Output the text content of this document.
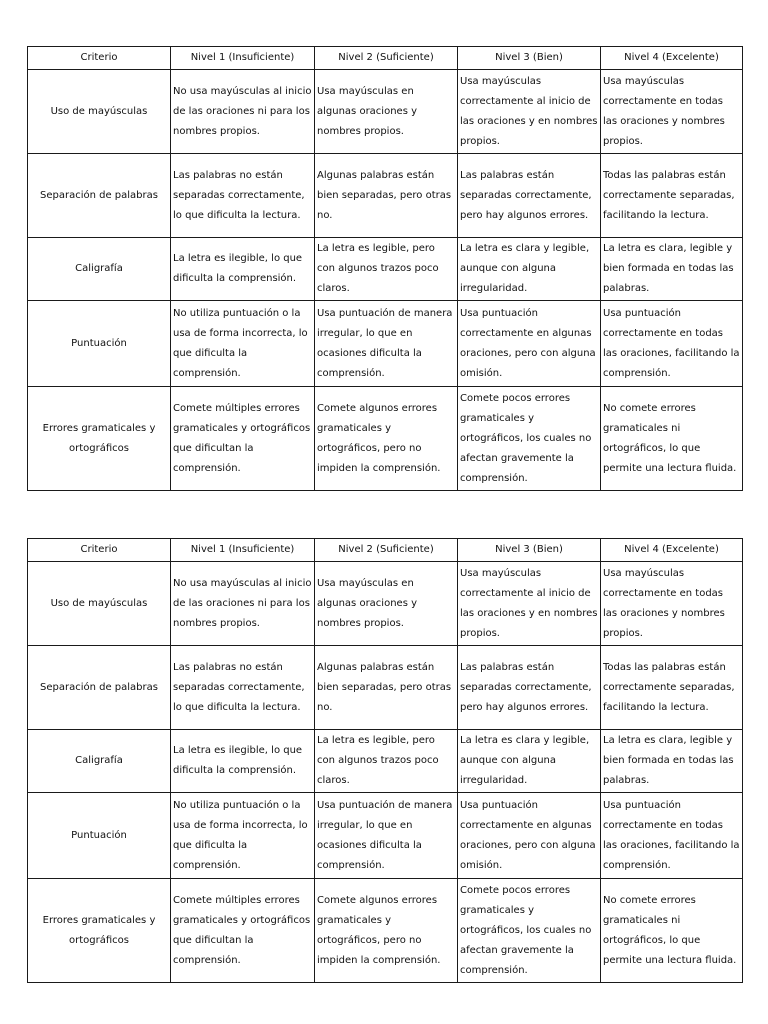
Criterio	Nivel 1 (Insuficiente)	Nivel 2 (Suficiente)	Nivel 3 (Bien)	Nivel 4 (Excelente)
Uso de mayúsculas	No usa mayúsculas al inicio de las oraciones ni para los nombres propios.	Usa mayúsculas en algunas oraciones y nombres propios.	Usa mayúsculas correctamente al inicio de las oraciones y en nombres propios.	Usa mayúsculas correctamente en todas las oraciones y nombres propios.
Separación de palabras	Las palabras no están separadas correctamente, lo que dificulta la lectura.	Algunas palabras están bien separadas, pero otras no.	Las palabras están separadas correctamente, pero hay algunos errores.	Todas las palabras están correctamente separadas, facilitando la lectura.
Caligrafía	La letra es ilegible, lo que dificulta la comprensión.	La letra es legible, pero con algunos trazos poco claros.	La letra es clara y legible, aunque con alguna irregularidad.	La letra es clara, legible y bien formada en todas las palabras.
Puntuación	No utiliza puntuación o la usa de forma incorrecta, lo que dificulta la comprensión.	Usa puntuación de manera irregular, lo que en ocasiones dificulta la comprensión.	Usa puntuación correctamente en algunas oraciones, pero con alguna omisión.	Usa puntuación correctamente en todas las oraciones, facilitando la comprensión.
Errores gramaticales y ortográficos	Comete múltiples errores gramaticales y ortográficos que dificultan la comprensión.	Comete algunos errores gramaticales y ortográficos, pero no impiden la comprensión.	Comete pocos errores gramaticales y ortográficos, los cuales no afectan gravemente la comprensión.	No comete errores gramaticales ni ortográficos, lo que permite una lectura fluida.
Criterio	Nivel 1 (Insuficiente)	Nivel 2 (Suficiente)	Nivel 3 (Bien)	Nivel 4 (Excelente)
Uso de mayúsculas	No usa mayúsculas al inicio de las oraciones ni para los nombres propios.	Usa mayúsculas en algunas oraciones y nombres propios.	Usa mayúsculas correctamente al inicio de las oraciones y en nombres propios.	Usa mayúsculas correctamente en todas las oraciones y nombres propios.
Separación de palabras	Las palabras no están separadas correctamente, lo que dificulta la lectura.	Algunas palabras están bien separadas, pero otras no.	Las palabras están separadas correctamente, pero hay algunos errores.	Todas las palabras están correctamente separadas, facilitando la lectura.
Caligrafía	La letra es ilegible, lo que dificulta la comprensión.	La letra es legible, pero con algunos trazos poco claros.	La letra es clara y legible, aunque con alguna irregularidad.	La letra es clara, legible y bien formada en todas las palabras.
Puntuación	No utiliza puntuación o la usa de forma incorrecta, lo que dificulta la comprensión.	Usa puntuación de manera irregular, lo que en ocasiones dificulta la comprensión.	Usa puntuación correctamente en algunas oraciones, pero con alguna omisión.	Usa puntuación correctamente en todas las oraciones, facilitando la comprensión.
Errores gramaticales y ortográficos	Comete múltiples errores gramaticales y ortográficos que dificultan la comprensión.	Comete algunos errores gramaticales y ortográficos, pero no impiden la comprensión.	Comete pocos errores gramaticales y ortográficos, los cuales no afectan gravemente la comprensión.	No comete errores gramaticales ni ortográficos, lo que permite una lectura fluida.
